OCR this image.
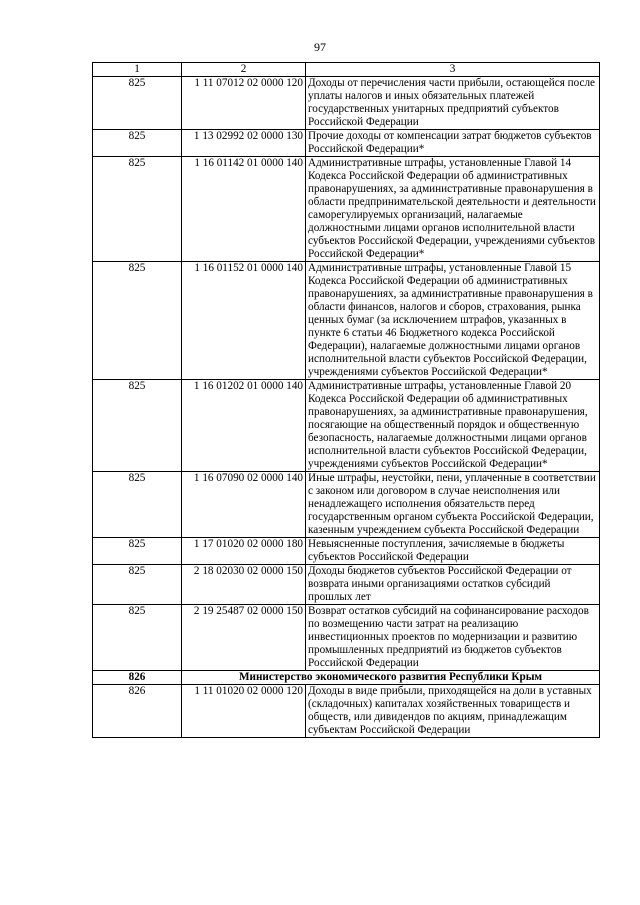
97
1	2	3
825	1 11 07012 02 0000 120	Доходы от перечисления части прибыли, остающейся после уплаты налогов и иных обязательных платежей государственных унитарных предприятий субъектов Российской Федерации
825	1 13 02992 02 0000 130	Прочие доходы от компенсации затрат бюджетов субъектов Российской Федерации*
825	1 16 01142 01 0000 140	Административные штрафы, установленные Главой 14 Кодекса Российской Федерации об административных правонарушениях, за административные правонарушения в области предпринимательской деятельности и деятельности саморегулируемых организаций, налагаемые должностными лицами органов исполнительной власти субъектов Российской Федерации, учреждениями субъектов Российской Федерации*
825	1 16 01152 01 0000 140	Административные штрафы, установленные Главой 15 Кодекса Российской Федерации об административных правонарушениях, за административные правонарушения в области финансов, налогов и сборов, страхования, рынка ценных бумаг (за исключением штрафов, указанных в пункте 6 статьи 46 Бюджетного кодекса Российской Федерации), налагаемые должностными лицами органов исполнительной власти субъектов Российской Федерации, учреждениями субъектов Российской Федерации*
825	1 16 01202 01 0000 140	Административные штрафы, установленные Главой 20 Кодекса Российской Федерации об административных правонарушениях, за административные правонарушения, посягающие на общественный порядок и общественную безопасность, налагаемые должностными лицами органов исполнительной власти субъектов Российской Федерации, учреждениями субъектов Российской Федерации*
825	1 16 07090 02 0000 140	Иные штрафы, неустойки, пени, уплаченные в соответствии с законом или договором в случае неисполнения или ненадлежащего исполнения обязательств перед государственным органом субъекта Российской Федерации, казенным учреждением субъекта Российской Федерации
825	1 17 01020 02 0000 180	Невыясненные поступления, зачисляемые в бюджеты субъектов Российской Федерации
825	2 18 02030 02 0000 150	Доходы бюджетов субъектов Российской Федерации от возврата иными организациями остатков субсидий прошлых лет
825	2 19 25487 02 0000 150	Возврат остатков субсидий на софинансирование расходов по возмещению части затрат на реализацию инвестиционных проектов по модернизации и развитию промышленных предприятий из бюджетов субъектов Российской Федерации
826	Министерство экономического развития Республики Крым	
826	1 11 01020 02 0000 120	Доходы в виде прибыли, приходящейся на доли в уставных (складочных) капиталах хозяйственных товариществ и обществ, или дивидендов по акциям, принадлежащим субъектам Российской Федерации
